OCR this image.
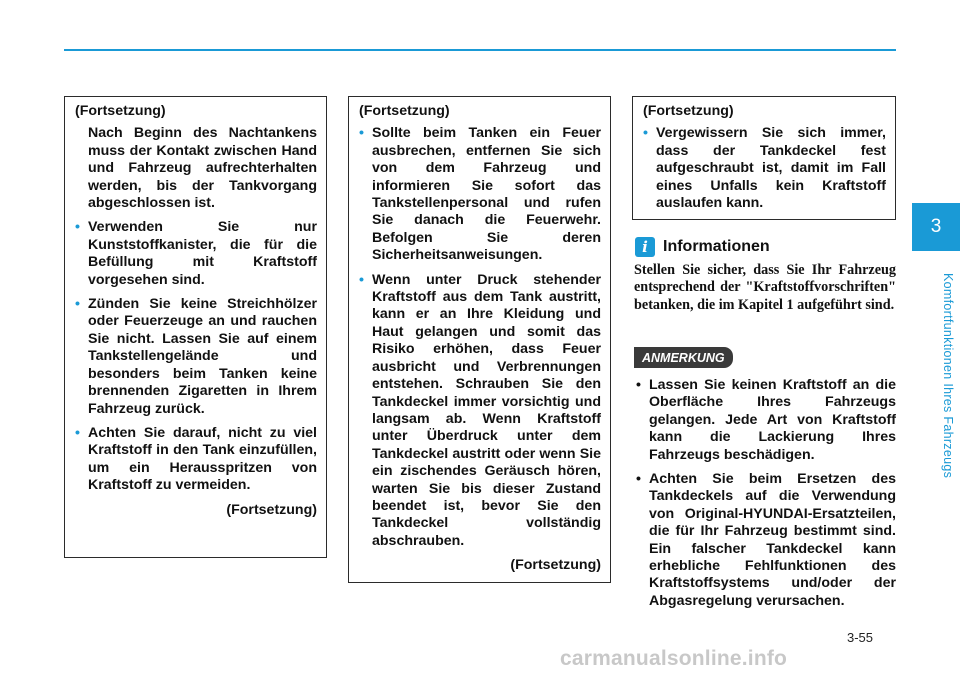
(Fortsetzung)
Nach Beginn des Nachtankens muss der Kontakt zwischen Hand und Fahrzeug aufrechterhalten werden, bis der Tankvorgang abgeschlossen ist.
• Verwenden Sie nur Kunststoffkanister, die für die Befüllung mit Kraftstoff vorgesehen sind.
• Zünden Sie keine Streichhölzer oder Feuerzeuge an und rauchen Sie nicht. Lassen Sie auf einem Tankstellengelände und besonders beim Tanken keine brennenden Zigaretten in Ihrem Fahrzeug zurück.
• Achten Sie darauf, nicht zu viel Kraftstoff in den Tank einzufüllen, um ein Herausspritzen von Kraftstoff zu vermeiden.
(Fortsetzung)
(Fortsetzung)
• Sollte beim Tanken ein Feuer ausbrechen, entfernen Sie sich von dem Fahrzeug und informieren Sie sofort das Tankstellenpersonal und rufen Sie danach die Feuerwehr. Befolgen Sie deren Sicherheitsanweisungen.
• Wenn unter Druck stehender Kraftstoff aus dem Tank austritt, kann er an Ihre Kleidung und Haut gelangen und somit das Risiko erhöhen, dass Feuer ausbricht und Verbrennungen entstehen. Schrauben Sie den Tankdeckel immer vorsichtig und langsam ab. Wenn Kraftstoff unter Überdruck unter dem Tankdeckel austritt oder wenn Sie ein zischendes Geräusch hören, warten Sie bis dieser Zustand beendet ist, bevor Sie den Tankdeckel vollständig abschrauben.
(Fortsetzung)
(Fortsetzung)
• Vergewissern Sie sich immer, dass der Tankdeckel fest aufgeschraubt ist, damit im Fall eines Unfalls kein Kraftstoff auslaufen kann.
i Informationen
Stellen Sie sicher, dass Sie Ihr Fahrzeug entsprechend der "Kraftstoffvorschriften" betanken, die im Kapitel 1 aufgeführt sind.
ANMERKUNG
• Lassen Sie keinen Kraftstoff an die Oberfläche Ihres Fahrzeugs gelangen. Jede Art von Kraftstoff kann die Lackierung Ihres Fahrzeugs beschädigen.
• Achten Sie beim Ersetzen des Tankdeckels auf die Verwendung von Original-HYUNDAI-Ersatzteilen, die für Ihr Fahrzeug bestimmt sind. Ein falscher Tankdeckel kann erhebliche Fehlfunktionen des Kraftstoffsystems und/oder der Abgasregelung verursachen.
3
Komfortfunktionen Ihres Fahrzeugs
3-55
carmanualsonline.info
